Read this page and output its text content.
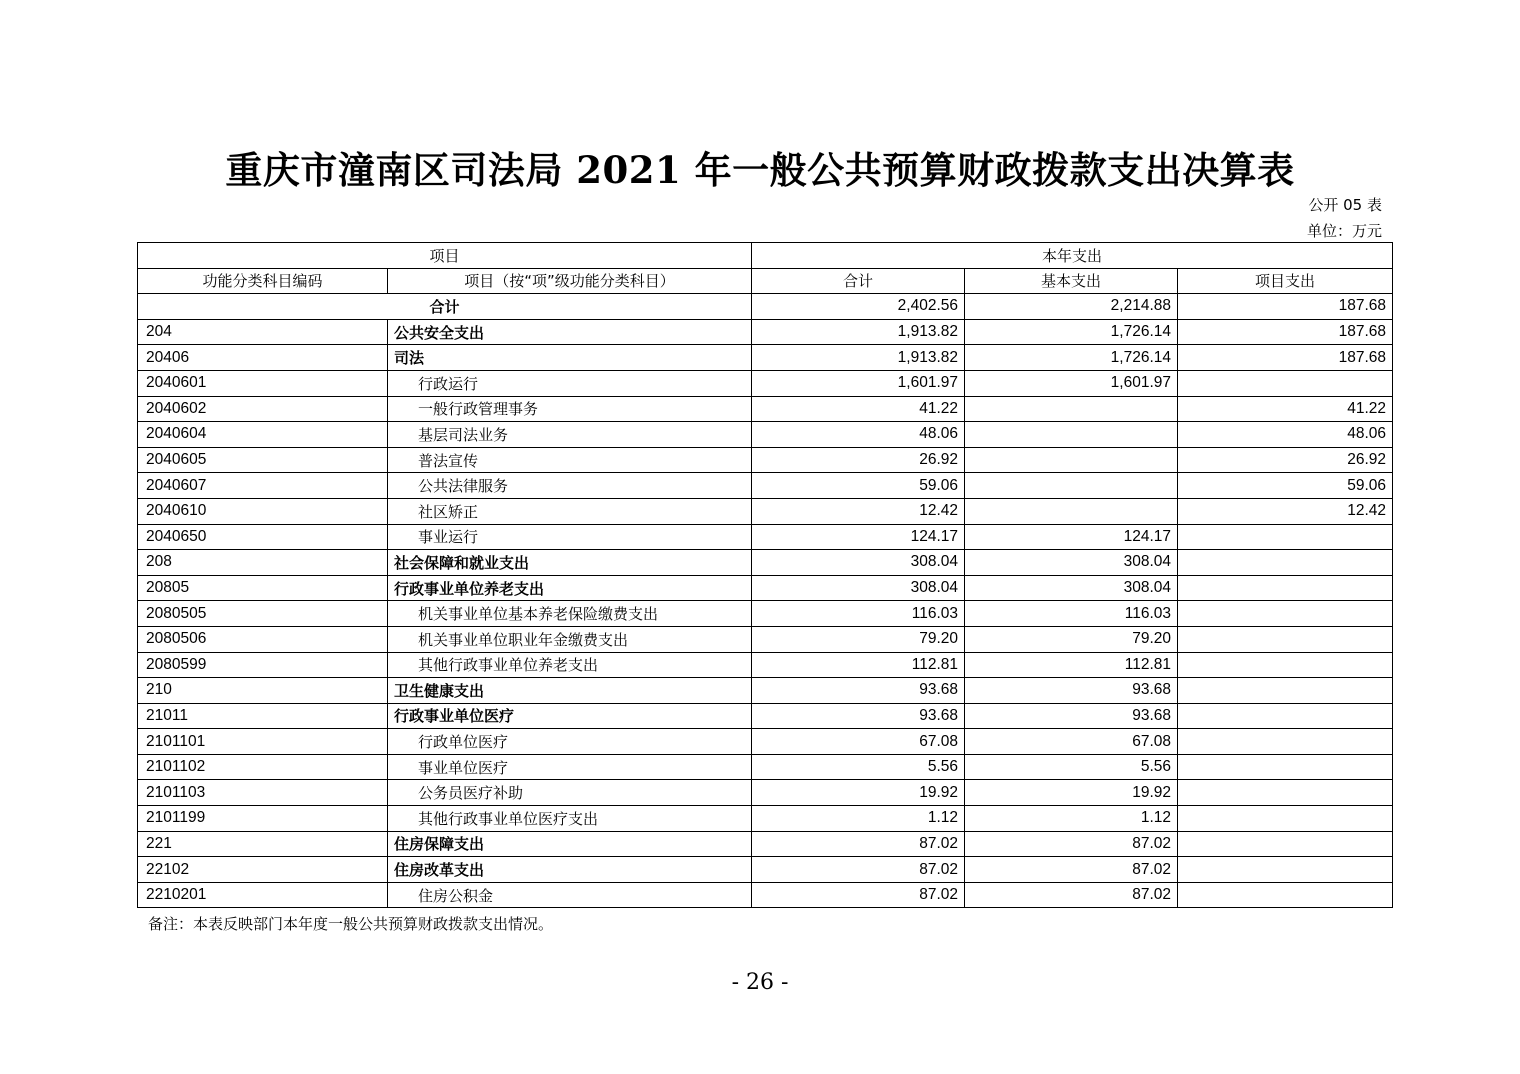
重庆市潼南区司法局 2021 年一般公共预算财政拨款支出决算表
公开 05 表
单位：万元
项目		本年支出		
功能分类科目编码	项目（按“项”级功能分类科目）	合计	基本支出	项目支出
合计		2,402.56	2,214.88	187.68
204	公共安全支出	1,913.82	1,726.14	187.68
20406	司法	1,913.82	1,726.14	187.68
2040601	行政运行	1,601.97	1,601.97	
2040602	一般行政管理事务	41.22		41.22
2040604	基层司法业务	48.06		48.06
2040605	普法宣传	26.92		26.92
2040607	公共法律服务	59.06		59.06
2040610	社区矫正	12.42		12.42
2040650	事业运行	124.17	124.17	
208	社会保障和就业支出	308.04	308.04	
20805	行政事业单位养老支出	308.04	308.04	
2080505	机关事业单位基本养老保险缴费支出	116.03	116.03	
2080506	机关事业单位职业年金缴费支出	79.20	79.20	
2080599	其他行政事业单位养老支出	112.81	112.81	
210	卫生健康支出	93.68	93.68	
21011	行政事业单位医疗	93.68	93.68	
2101101	行政单位医疗	67.08	67.08	
2101102	事业单位医疗	5.56	5.56	
2101103	公务员医疗补助	19.92	19.92	
2101199	其他行政事业单位医疗支出	1.12	1.12	
221	住房保障支出	87.02	87.02	
22102	住房改革支出	87.02	87.02	
2210201	住房公积金	87.02	87.02	
备注：本表反映部门本年度一般公共预算财政拨款支出情况。
- 26 -
